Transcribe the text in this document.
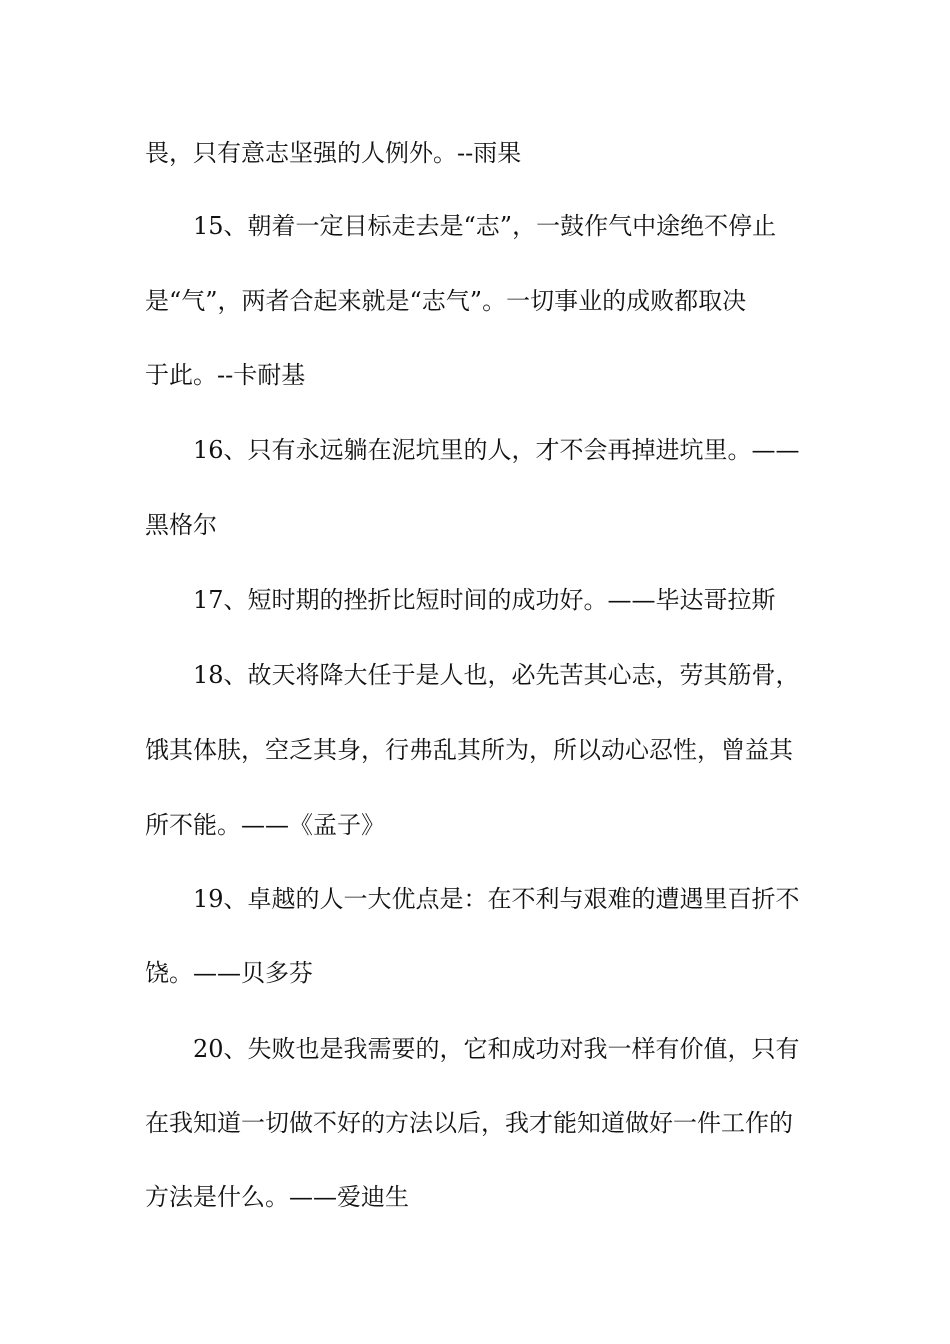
畏，只有意志坚强的人例外。--雨果
15、朝着一定目标走去是“志”，一鼓作气中途绝不停止
是“气”，两者合起来就是“志气”。一切事业的成败都取决
于此。--卡耐基
16、只有永远躺在泥坑里的人，才不会再掉进坑里。——
黑格尔
17、短时期的挫折比短时间的成功好。——毕达哥拉斯
18、故天将降大任于是人也，必先苦其心志，劳其筋骨，
饿其体肤，空乏其身，行弗乱其所为，所以动心忍性，曾益其
所不能。——《孟子》
19、卓越的人一大优点是：在不利与艰难的遭遇里百折不
饶。——贝多芬
20、失败也是我需要的，它和成功对我一样有价值，只有
在我知道一切做不好的方法以后，我才能知道做好一件工作的
方法是什么。——爱迪生
